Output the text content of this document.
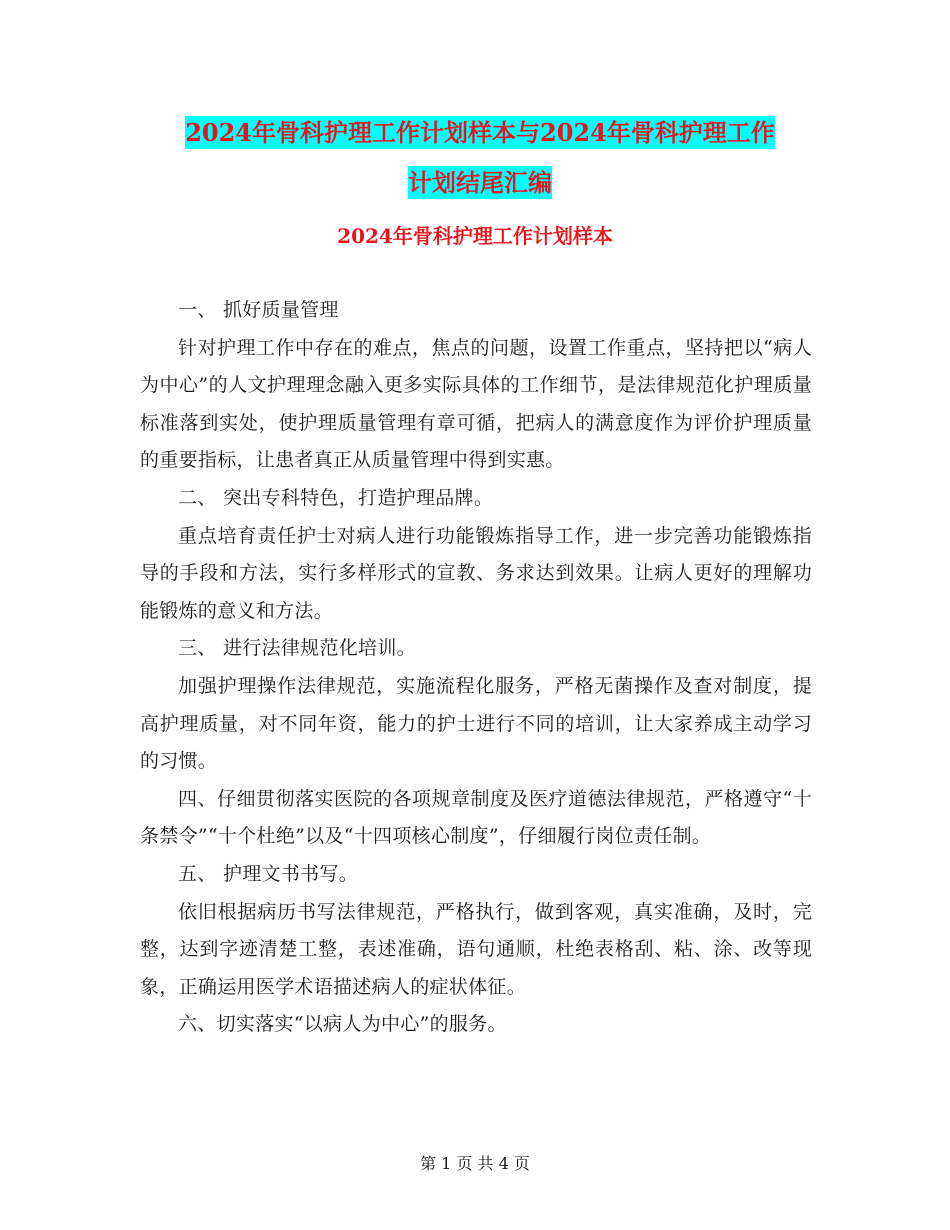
2024年骨科护理工作计划样本与2024年骨科护理工作
计划结尾汇编
2024年骨科护理工作计划样本

一、 抓好质量管理

针对护理工作中存在的难点，焦点的问题，设置工作重点，坚持把以“病人为中心”的人文护理理念融入更多实际具体的工作细节，是法律规范化护理质量标准落到实处，使护理质量管理有章可循，把病人的满意度作为评价护理质量的重要指标，让患者真正从质量管理中得到实惠。

二、 突出专科特色，打造护理品牌。

重点培育责任护士对病人进行功能锻炼指导工作，进一步完善功能锻炼指导的手段和方法，实行多样形式的宣教、务求达到效果。让病人更好的理解功能锻炼的意义和方法。

三、 进行法律规范化培训。

加强护理操作法律规范，实施流程化服务，严格无菌操作及查对制度，提高护理质量，对不同年资，能力的护士进行不同的培训，让大家养成主动学习的习惯。

四、仔细贯彻落实医院的各项规章制度及医疗道德法律规范，严格遵守“十条禁令”“十个杜绝”以及“十四项核心制度”，仔细履行岗位责任制。

五、 护理文书书写。

依旧根据病历书写法律规范，严格执行，做到客观，真实准确，及时，完整，达到字迹清楚工整，表述准确，语句通顺，杜绝表格刮、粘、涂、改等现象，正确运用医学术语描述病人的症状体征。

六、切实落实“以病人为中心”的服务。

第 1 页 共 4 页
